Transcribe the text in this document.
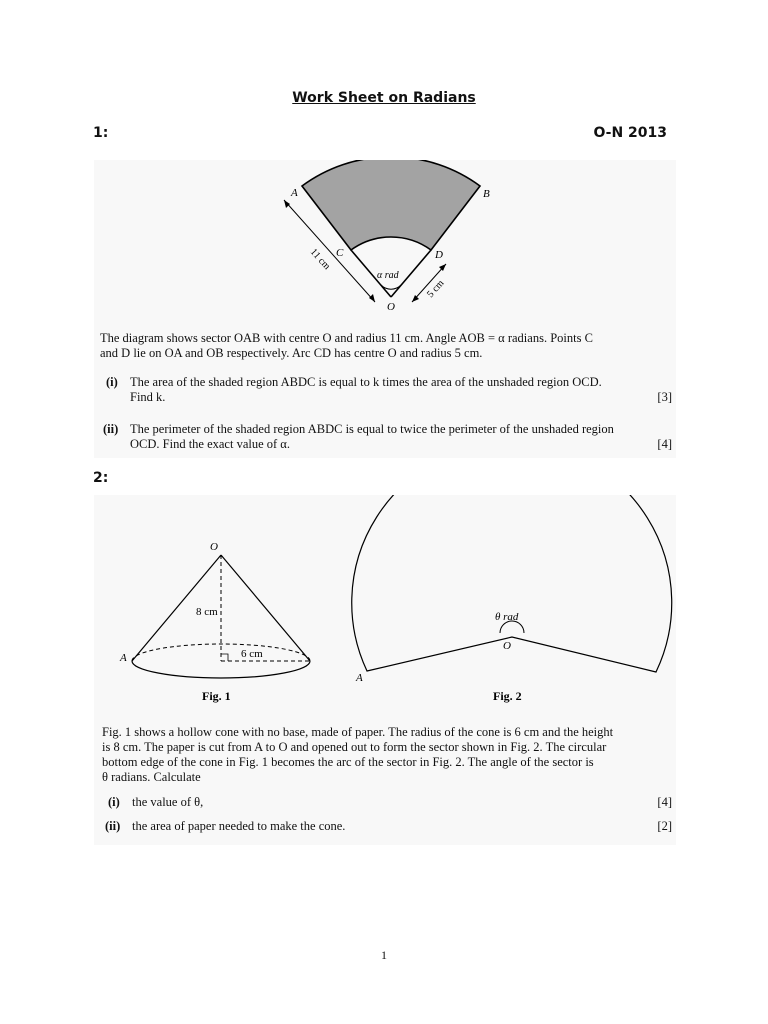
Work Sheet on Radians
1:	O-N 2013
A	B
C	D
O
α rad
11 cm
5 cm
The diagram shows sector OAB with centre O and radius 11 cm. Angle AOB = α radians. Points C
and D lie on OA and OB respectively. Arc CD has centre O and radius 5 cm.
(i) The area of the shaded region ABDC is equal to k times the area of the unshaded region OCD.
Find k.	[3]
(ii) The perimeter of the shaded region ABDC is equal to twice the perimeter of the unshaded region
OCD. Find the exact value of α.	[4]
2:
O
A
8 cm
6 cm
Fig. 1
θ rad
O
A
Fig. 2
Fig. 1 shows a hollow cone with no base, made of paper. The radius of the cone is 6 cm and the height
is 8 cm. The paper is cut from A to O and opened out to form the sector shown in Fig. 2. The circular
bottom edge of the cone in Fig. 1 becomes the arc of the sector in Fig. 2. The angle of the sector is
θ radians. Calculate
(i) the value of θ,	[4]
(ii) the area of paper needed to make the cone.	[2]
1
